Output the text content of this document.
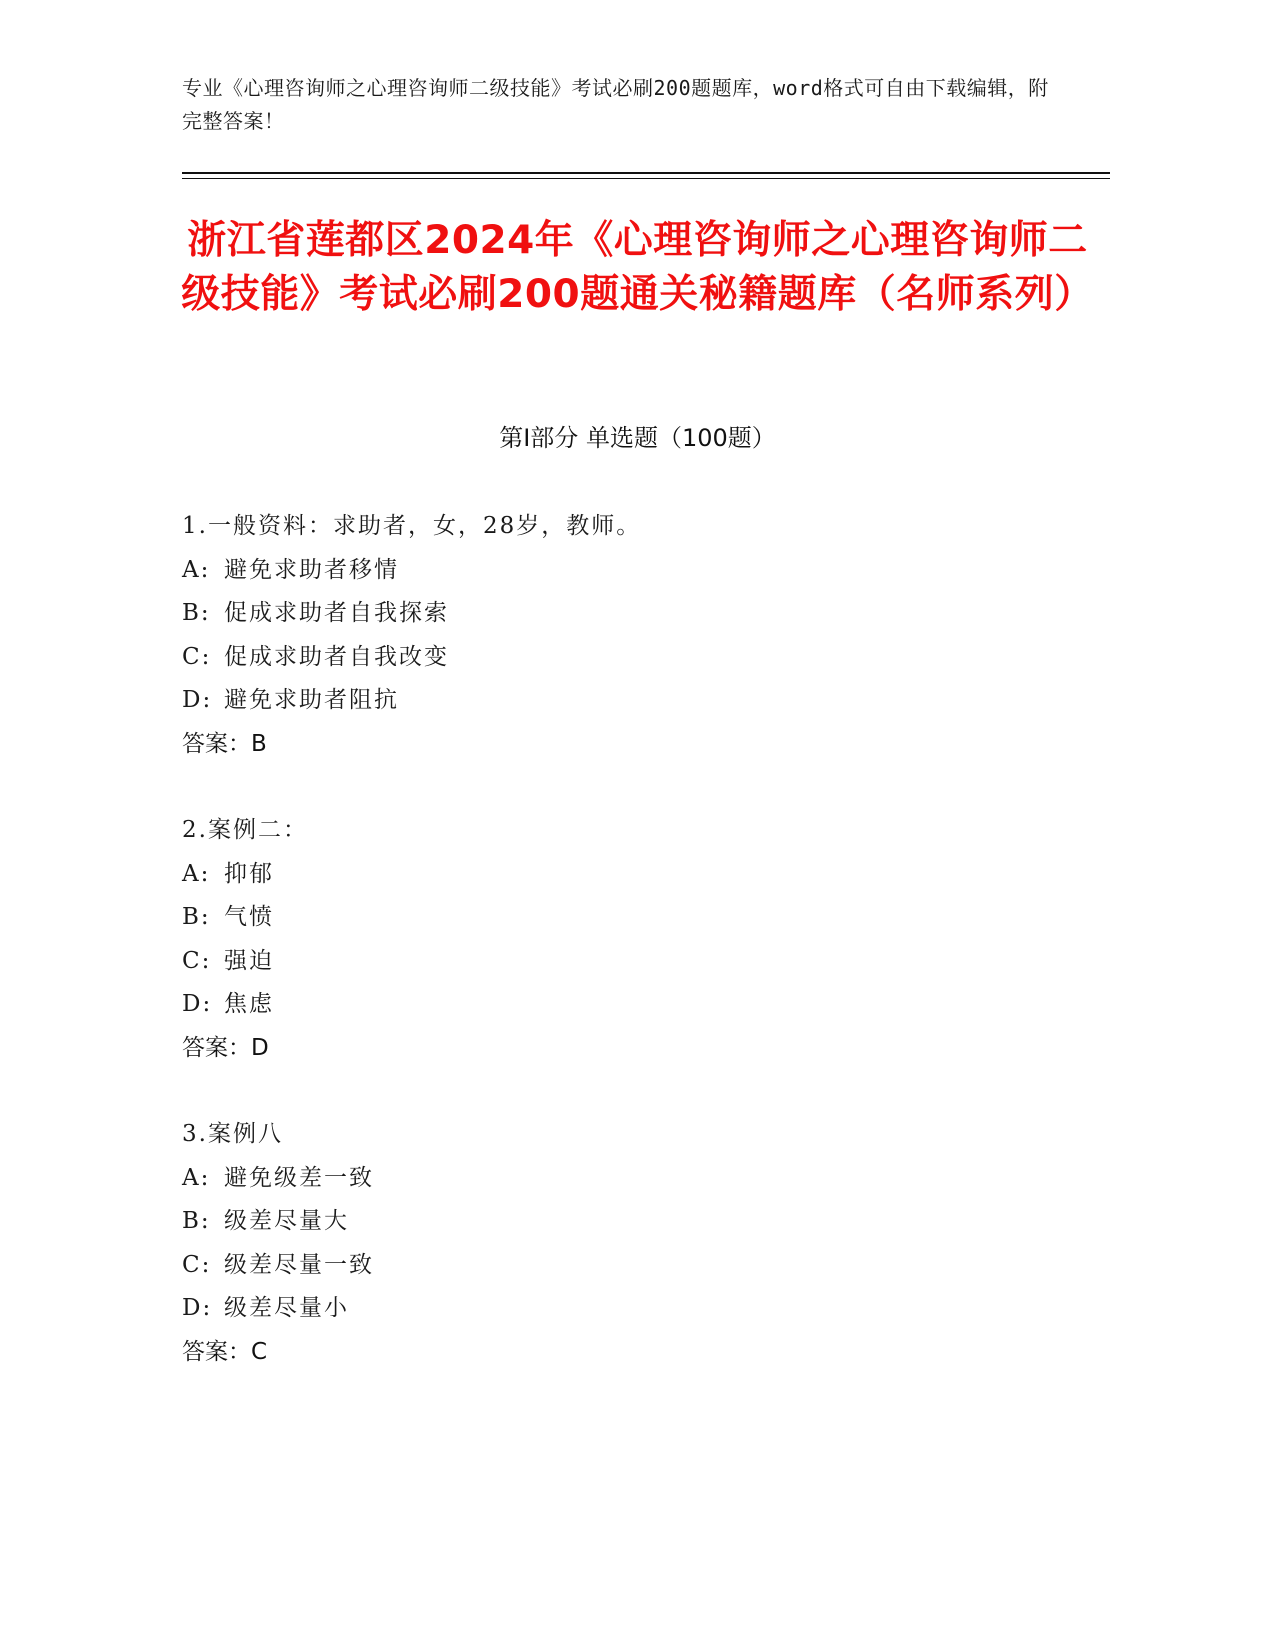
专业《心理咨询师之心理咨询师二级技能》考试必刷200题题库，word格式可自由下载编辑，附完整答案！
浙江省莲都区2024年《心理咨询师之心理咨询师二级技能》考试必刷200题通关秘籍题库（名师系列）
第Ⅰ部分 单选题（100题）
1.一般资料：求助者，女，28岁，教师。
A: 避免求助者移情
B: 促成求助者自我探索
C: 促成求助者自我改变
D: 避免求助者阻抗
答案：B
2.案例二：
A: 抑郁
B: 气愤
C: 强迫
D: 焦虑
答案：D
3.案例八
A: 避免级差一致
B: 级差尽量大
C: 级差尽量一致
D: 级差尽量小
答案：C
